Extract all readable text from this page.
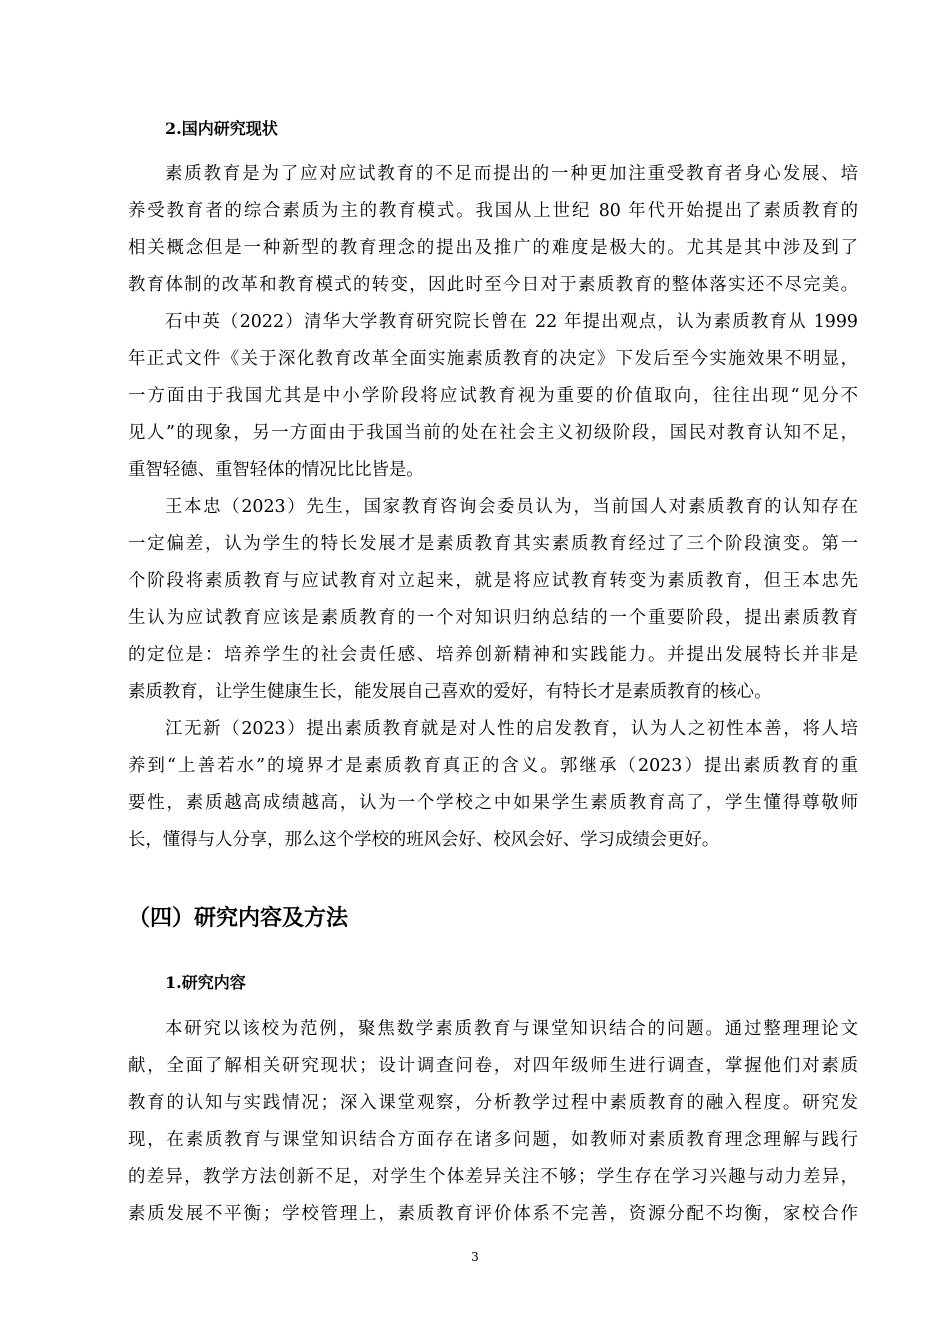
2.国内研究现状
素质教育是为了应对应试教育的不足而提出的一种更加注重受教育者身心发展、培
养受教育者的综合素质为主的教育模式。我国从上世纪 80 年代开始提出了素质教育的
相关概念但是一种新型的教育理念的提出及推广的难度是极大的。尤其是其中涉及到了
教育体制的改革和教育模式的转变，因此时至今日对于素质教育的整体落实还不尽完美。
石中英（2022）清华大学教育研究院长曾在 22 年提出观点，认为素质教育从 1999
年正式文件《关于深化教育改革全面实施素质教育的决定》下发后至今实施效果不明显，
一方面由于我国尤其是中小学阶段将应试教育视为重要的价值取向，往往出现“见分不
见人”的现象，另一方面由于我国当前的处在社会主义初级阶段，国民对教育认知不足，
重智轻德、重智轻体的情况比比皆是。
王本忠（2023）先生，国家教育咨询会委员认为，当前国人对素质教育的认知存在
一定偏差，认为学生的特长发展才是素质教育其实素质教育经过了三个阶段演变。第一
个阶段将素质教育与应试教育对立起来，就是将应试教育转变为素质教育，但王本忠先
生认为应试教育应该是素质教育的一个对知识归纳总结的一个重要阶段，提出素质教育
的定位是：培养学生的社会责任感、培养创新精神和实践能力。并提出发展特长并非是
素质教育，让学生健康生长，能发展自己喜欢的爱好，有特长才是素质教育的核心。
江无新（2023）提出素质教育就是对人性的启发教育，认为人之初性本善，将人培
养到“上善若水”的境界才是素质教育真正的含义。郭继承（2023）提出素质教育的重
要性，素质越高成绩越高，认为一个学校之中如果学生素质教育高了，学生懂得尊敬师
长，懂得与人分享，那么这个学校的班风会好、校风会好、学习成绩会更好。
（四）研究内容及方法
1.研究内容
本研究以该校为范例，聚焦数学素质教育与课堂知识结合的问题。通过整理理论文
献，全面了解相关研究现状；设计调查问卷，对四年级师生进行调查，掌握他们对素质
教育的认知与实践情况；深入课堂观察，分析教学过程中素质教育的融入程度。研究发
现，在素质教育与课堂知识结合方面存在诸多问题，如教师对素质教育理念理解与践行
的差异，教学方法创新不足，对学生个体差异关注不够；学生存在学习兴趣与动力差异，
素质发展不平衡；学校管理上，素质教育评价体系不完善，资源分配不均衡，家校合作
3
